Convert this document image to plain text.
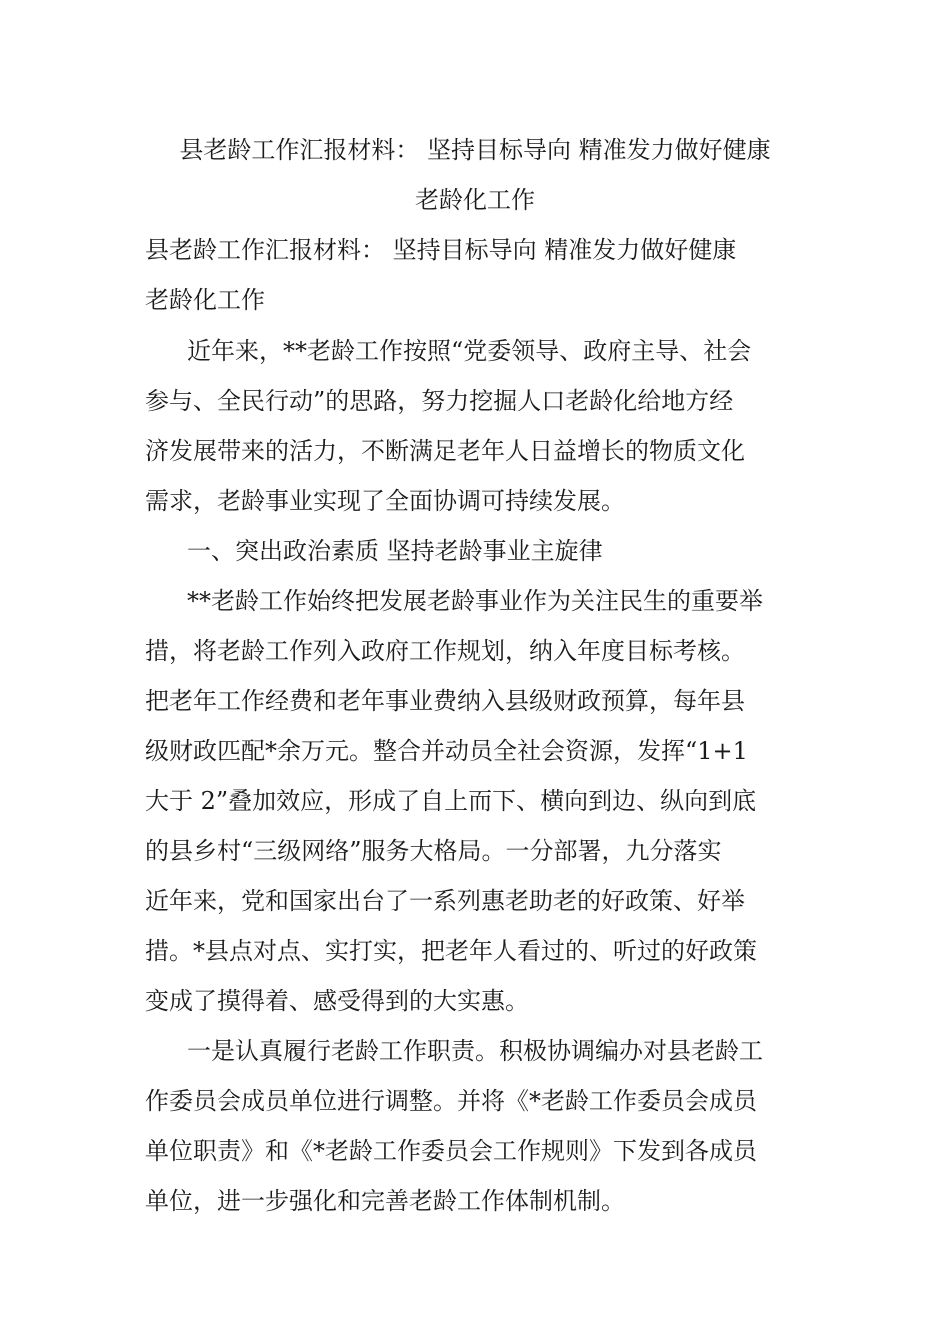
县老龄工作汇报材料： 坚持目标导向 精准发力做好健康
老龄化工作
县老龄工作汇报材料： 坚持目标导向 精准发力做好健康
老龄化工作
近年来，**老龄工作按照“党委领导、政府主导、社会
参与、全民行动”的思路，努力挖掘人口老龄化给地方经
济发展带来的活力，不断满足老年人日益增长的物质文化
需求，老龄事业实现了全面协调可持续发展。
一、突出政治素质 坚持老龄事业主旋律
**老龄工作始终把发展老龄事业作为关注民生的重要举
措，将老龄工作列入政府工作规划，纳入年度目标考核。
把老年工作经费和老年事业费纳入县级财政预算，每年县
级财政匹配*余万元。整合并动员全社会资源，发挥“1+1
大于 2”叠加效应，形成了自上而下、横向到边、纵向到底
的县乡村“三级网络”服务大格局。一分部署，九分落实
近年来，党和国家出台了一系列惠老助老的好政策、好举
措。*县点对点、实打实，把老年人看过的、听过的好政策
变成了摸得着、感受得到的大实惠。
一是认真履行老龄工作职责。积极协调编办对县老龄工
作委员会成员单位进行调整。并将《*老龄工作委员会成员
单位职责》和《*老龄工作委员会工作规则》下发到各成员
单位，进一步强化和完善老龄工作体制机制。
